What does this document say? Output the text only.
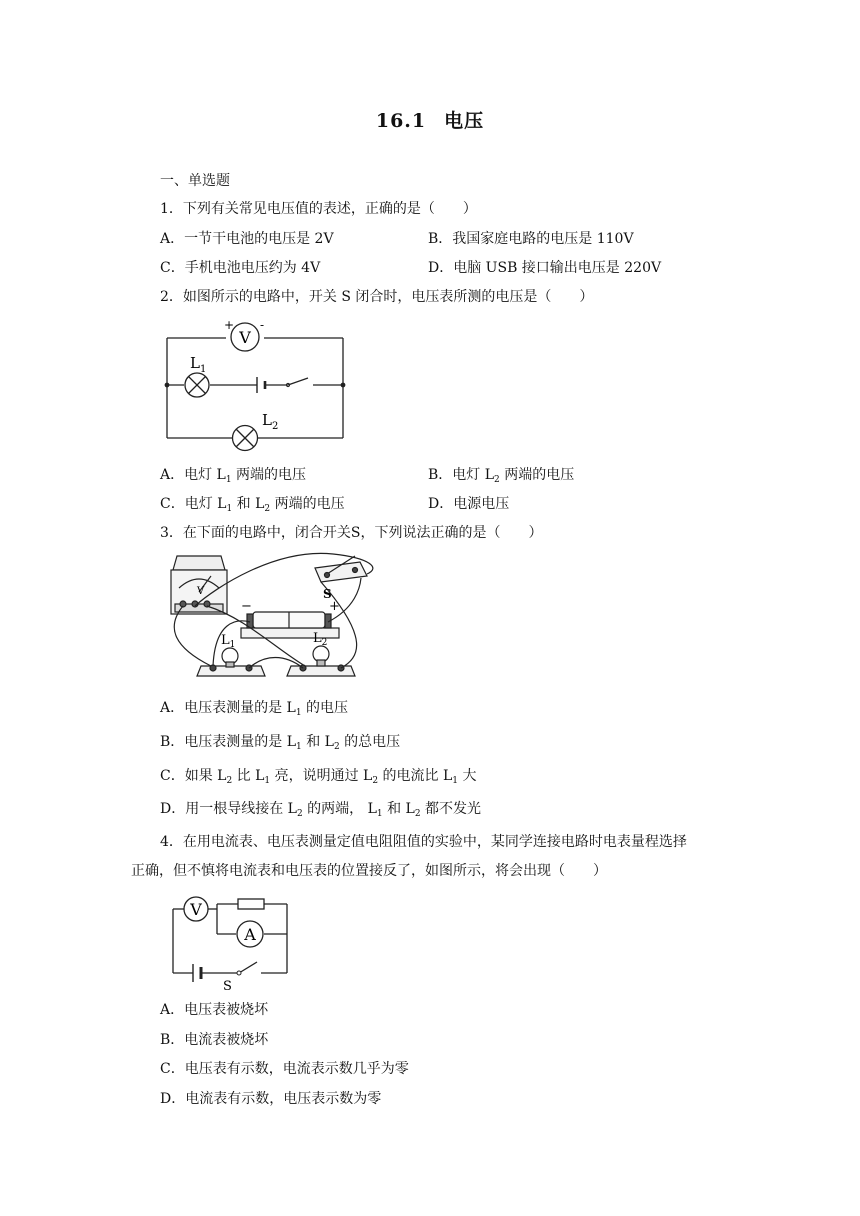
16.1 电压
一、单选题
1．下列有关常见电压值的表述，正确的是（　　）
A．一节干电池的电压是 2V	B．我国家庭电路的电压是 110V
C．手机电池电压约为 4V	D．电脑 USB 接口输出电压是 220V
2．如图所示的电路中，开关 S 闭合时，电压表所测的电压是（　　）
V
+ -
$L_1$
$L_2$
A．电灯 $L_1$ 两端的电压	B．电灯 $L_2$ 两端的电压
C．电灯 $L_1$ 和 $L_2$ 两端的电压	D．电源电压
3．在下面的电路中，闭合开关S，下列说法正确的是（　　）
V	S
−	+
$L_1$	$L_2$
A．电压表测量的是 $L_1$ 的电压
B．电压表测量的是 $L_1$ 和 $L_2$ 的总电压
C．如果 $L_2$ 比 $L_1$ 亮，说明通过 $L_2$ 的电流比 $L_1$ 大
D．用一根导线接在 $L_2$ 的两端， $L_1$ 和 $L_2$ 都不发光
4．在用电流表、电压表测量定值电阻阻值的实验中，某同学连接电路时电表量程选择
正确，但不慎将电流表和电压表的位置接反了，如图所示，将会出现（　　）
V
A
S
A．电压表被烧坏
B．电流表被烧坏
C．电压表有示数，电流表示数几乎为零
D．电流表有示数，电压表示数为零
